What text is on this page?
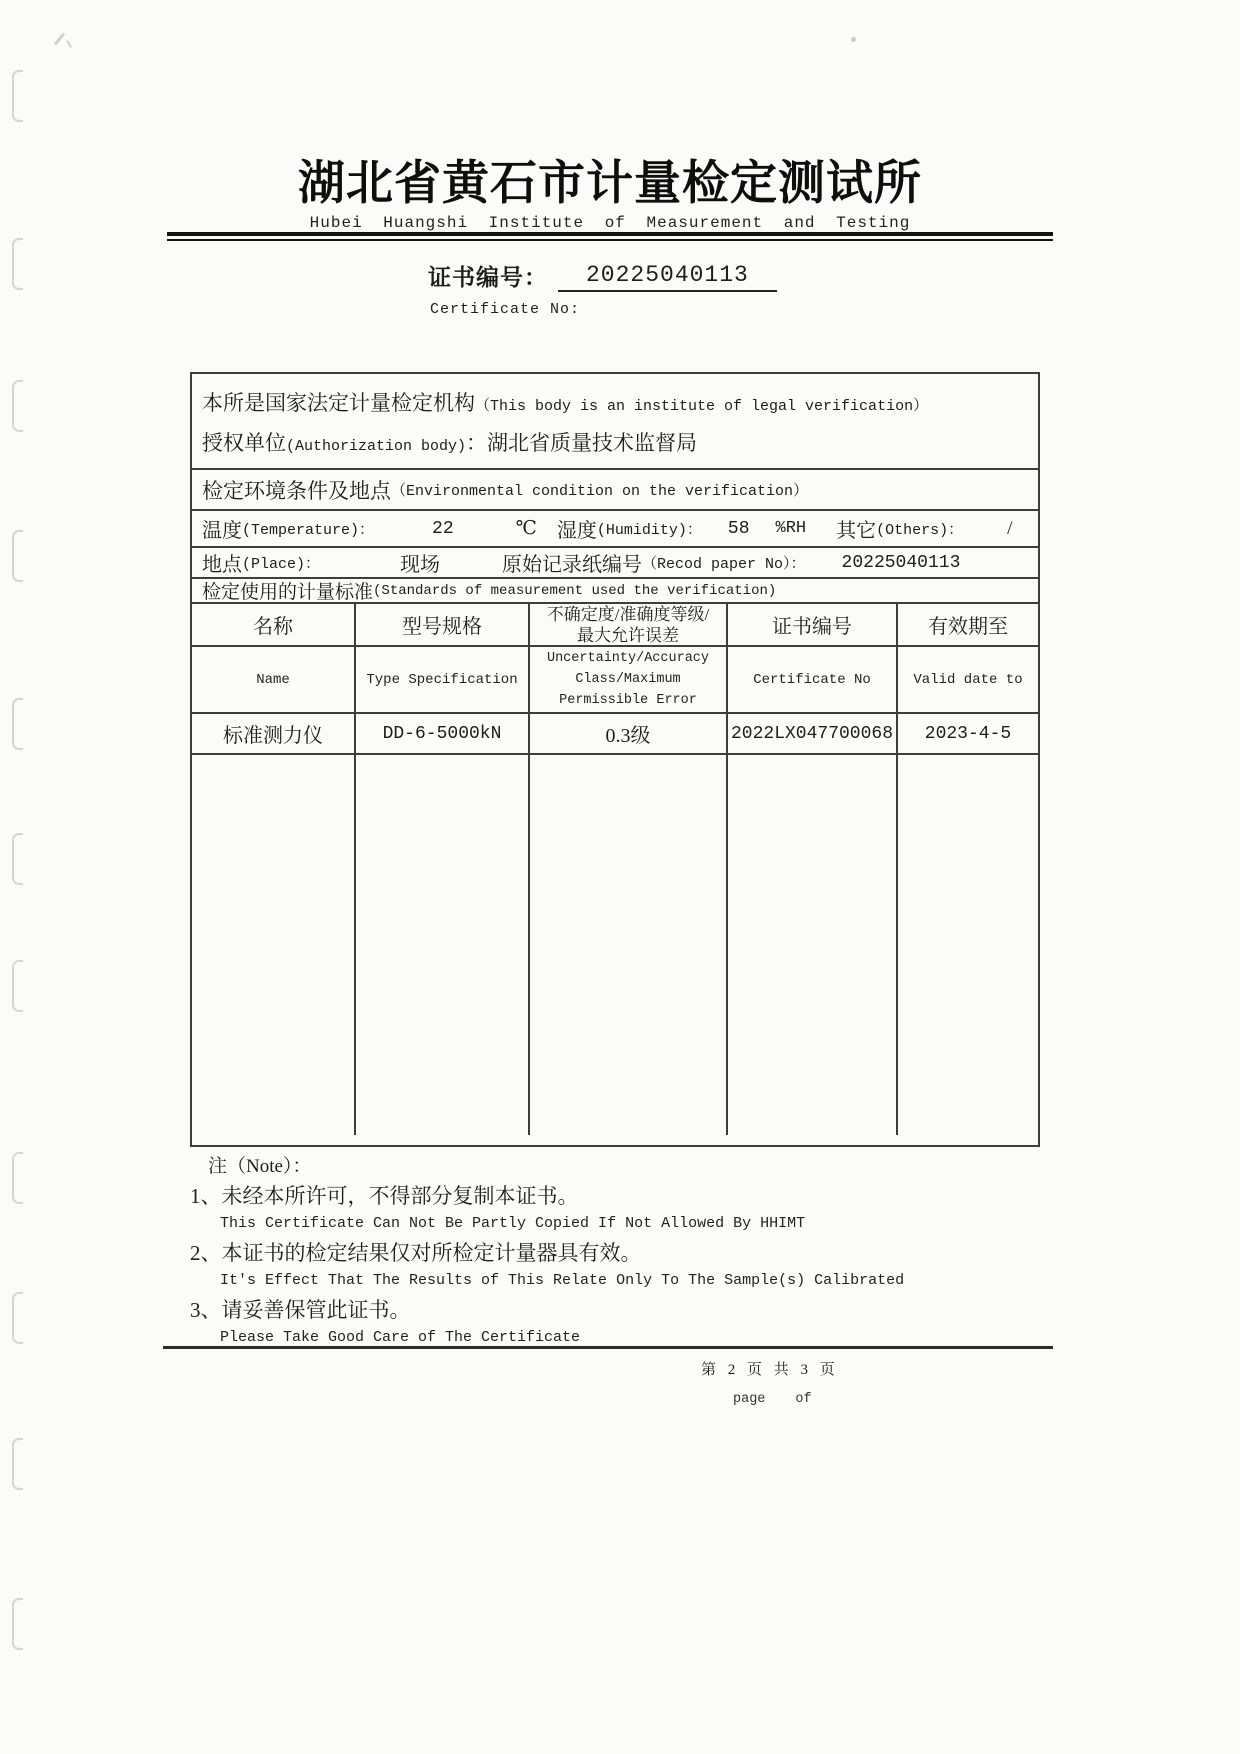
湖北省黄石市计量检定测试所
Hubei Huangshi Institute of Measurement and Testing
证书编号：	20225040113
Certificate No:
本所是国家法定计量检定机构（This body is an institute of legal verification）
授权单位(Authorization body)：湖北省质量技术监督局
检定环境条件及地点 （Environmental condition on the verification）
温度 (Temperature)：	22	℃ 湿度 (Humidity)： 58 %RH 其它 (Others)： /
地点 (Place)：	现场	原始记录纸编号 （Recod paper No）： 20225040113
检定使用的计量标准 (Standards of measurement used the verification)
名称	型号规格
不确定度/准确度等级/
最大允许误差	证书编号	有效期至
Name	Type Specification
Uncertainty/Accuracy
Class/Maximum
Permissible Error
Certificate No	Valid date to
标准测力仪	DD-6-5000kN	0.3级	2022LX047700068 2023-4-5
注（Note）：
1、未经本所许可，不得部分复制本证书。
This Certificate Can Not Be Partly Copied If Not Allowed By HHIMT
2、本证书的检定结果仅对所检定计量器具有效。
It's Effect That The Results of This Relate Only To The Sample(s) Calibrated
3、请妥善保管此证书。
Please Take Good Care of The Certificate
第 2 页 共 3 页
page of
